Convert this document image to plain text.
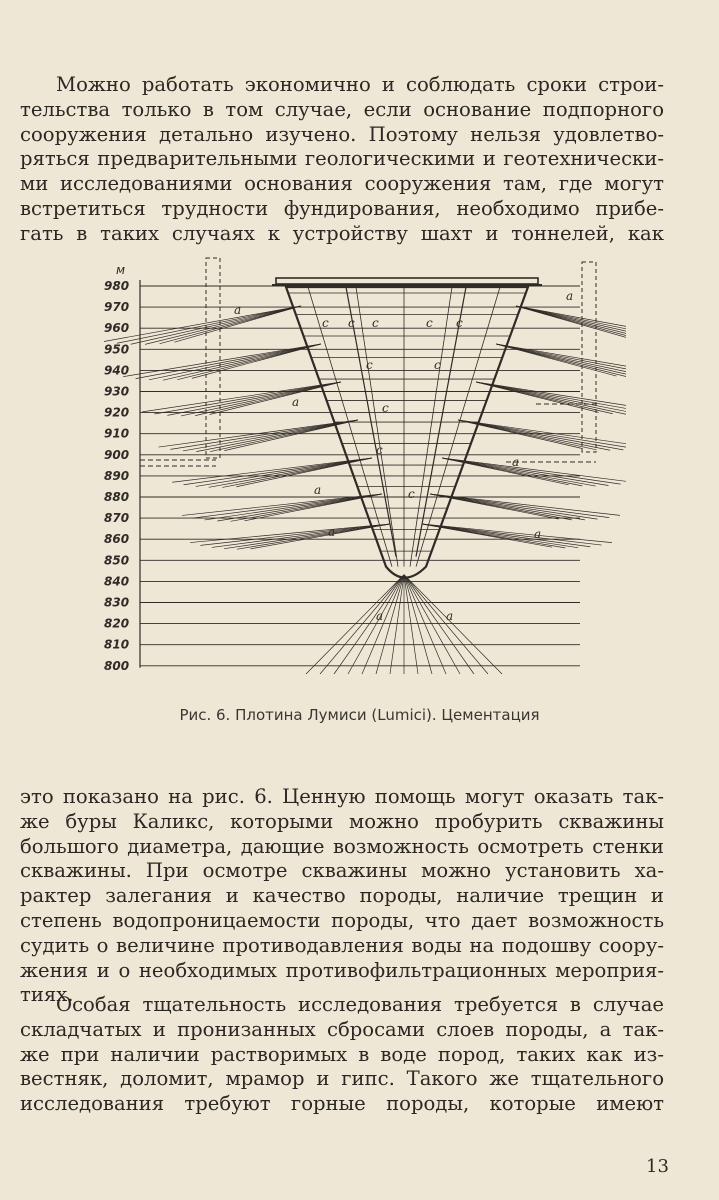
Можно работать экономично и соблюдать сроки строи-
тельства только в том случае, если основание подпорного
сооружения детально изучено. Поэтому нельзя удовлетво-
ряться предварительными геологическими и геотехнически-
ми исследованиями основания сооружения там, где могут
встретиться трудности фундирования, необходимо прибе-
гать в таких случаях к устройству шахт и тоннелей, как
м
980
970
960
950
940
930
920
910
900
890
880
870
860
850
840
830
820
810
800
a
a
a
a
a	a
a
a
a
c c c	c c
c	c
c
c
c
Рис. 6. Плотина Лумиси (Lumici). Цементация
это показано на рис. 6. Ценную помощь могут оказать так-
же буры Каликс, которыми можно пробурить скважины
большого диаметра, дающие возможность осмотреть стенки
скважины. При осмотре скважины можно установить ха-
рактер залегания и качество породы, наличие трещин и
степень водопроницаемости породы, что дает возможность
судить о величине противодавления воды на подошву соору-
жения и о необходимых противофильтрационных мероприя-
тиях.
Особая тщательность исследования требуется в случае
складчатых и пронизанных сбросами слоев породы, а так-
же при наличии растворимых в воде пород, таких как из-
вестняк, доломит, мрамор и гипс. Такого же тщательного
исследования требуют горные породы, которые имеют
13
